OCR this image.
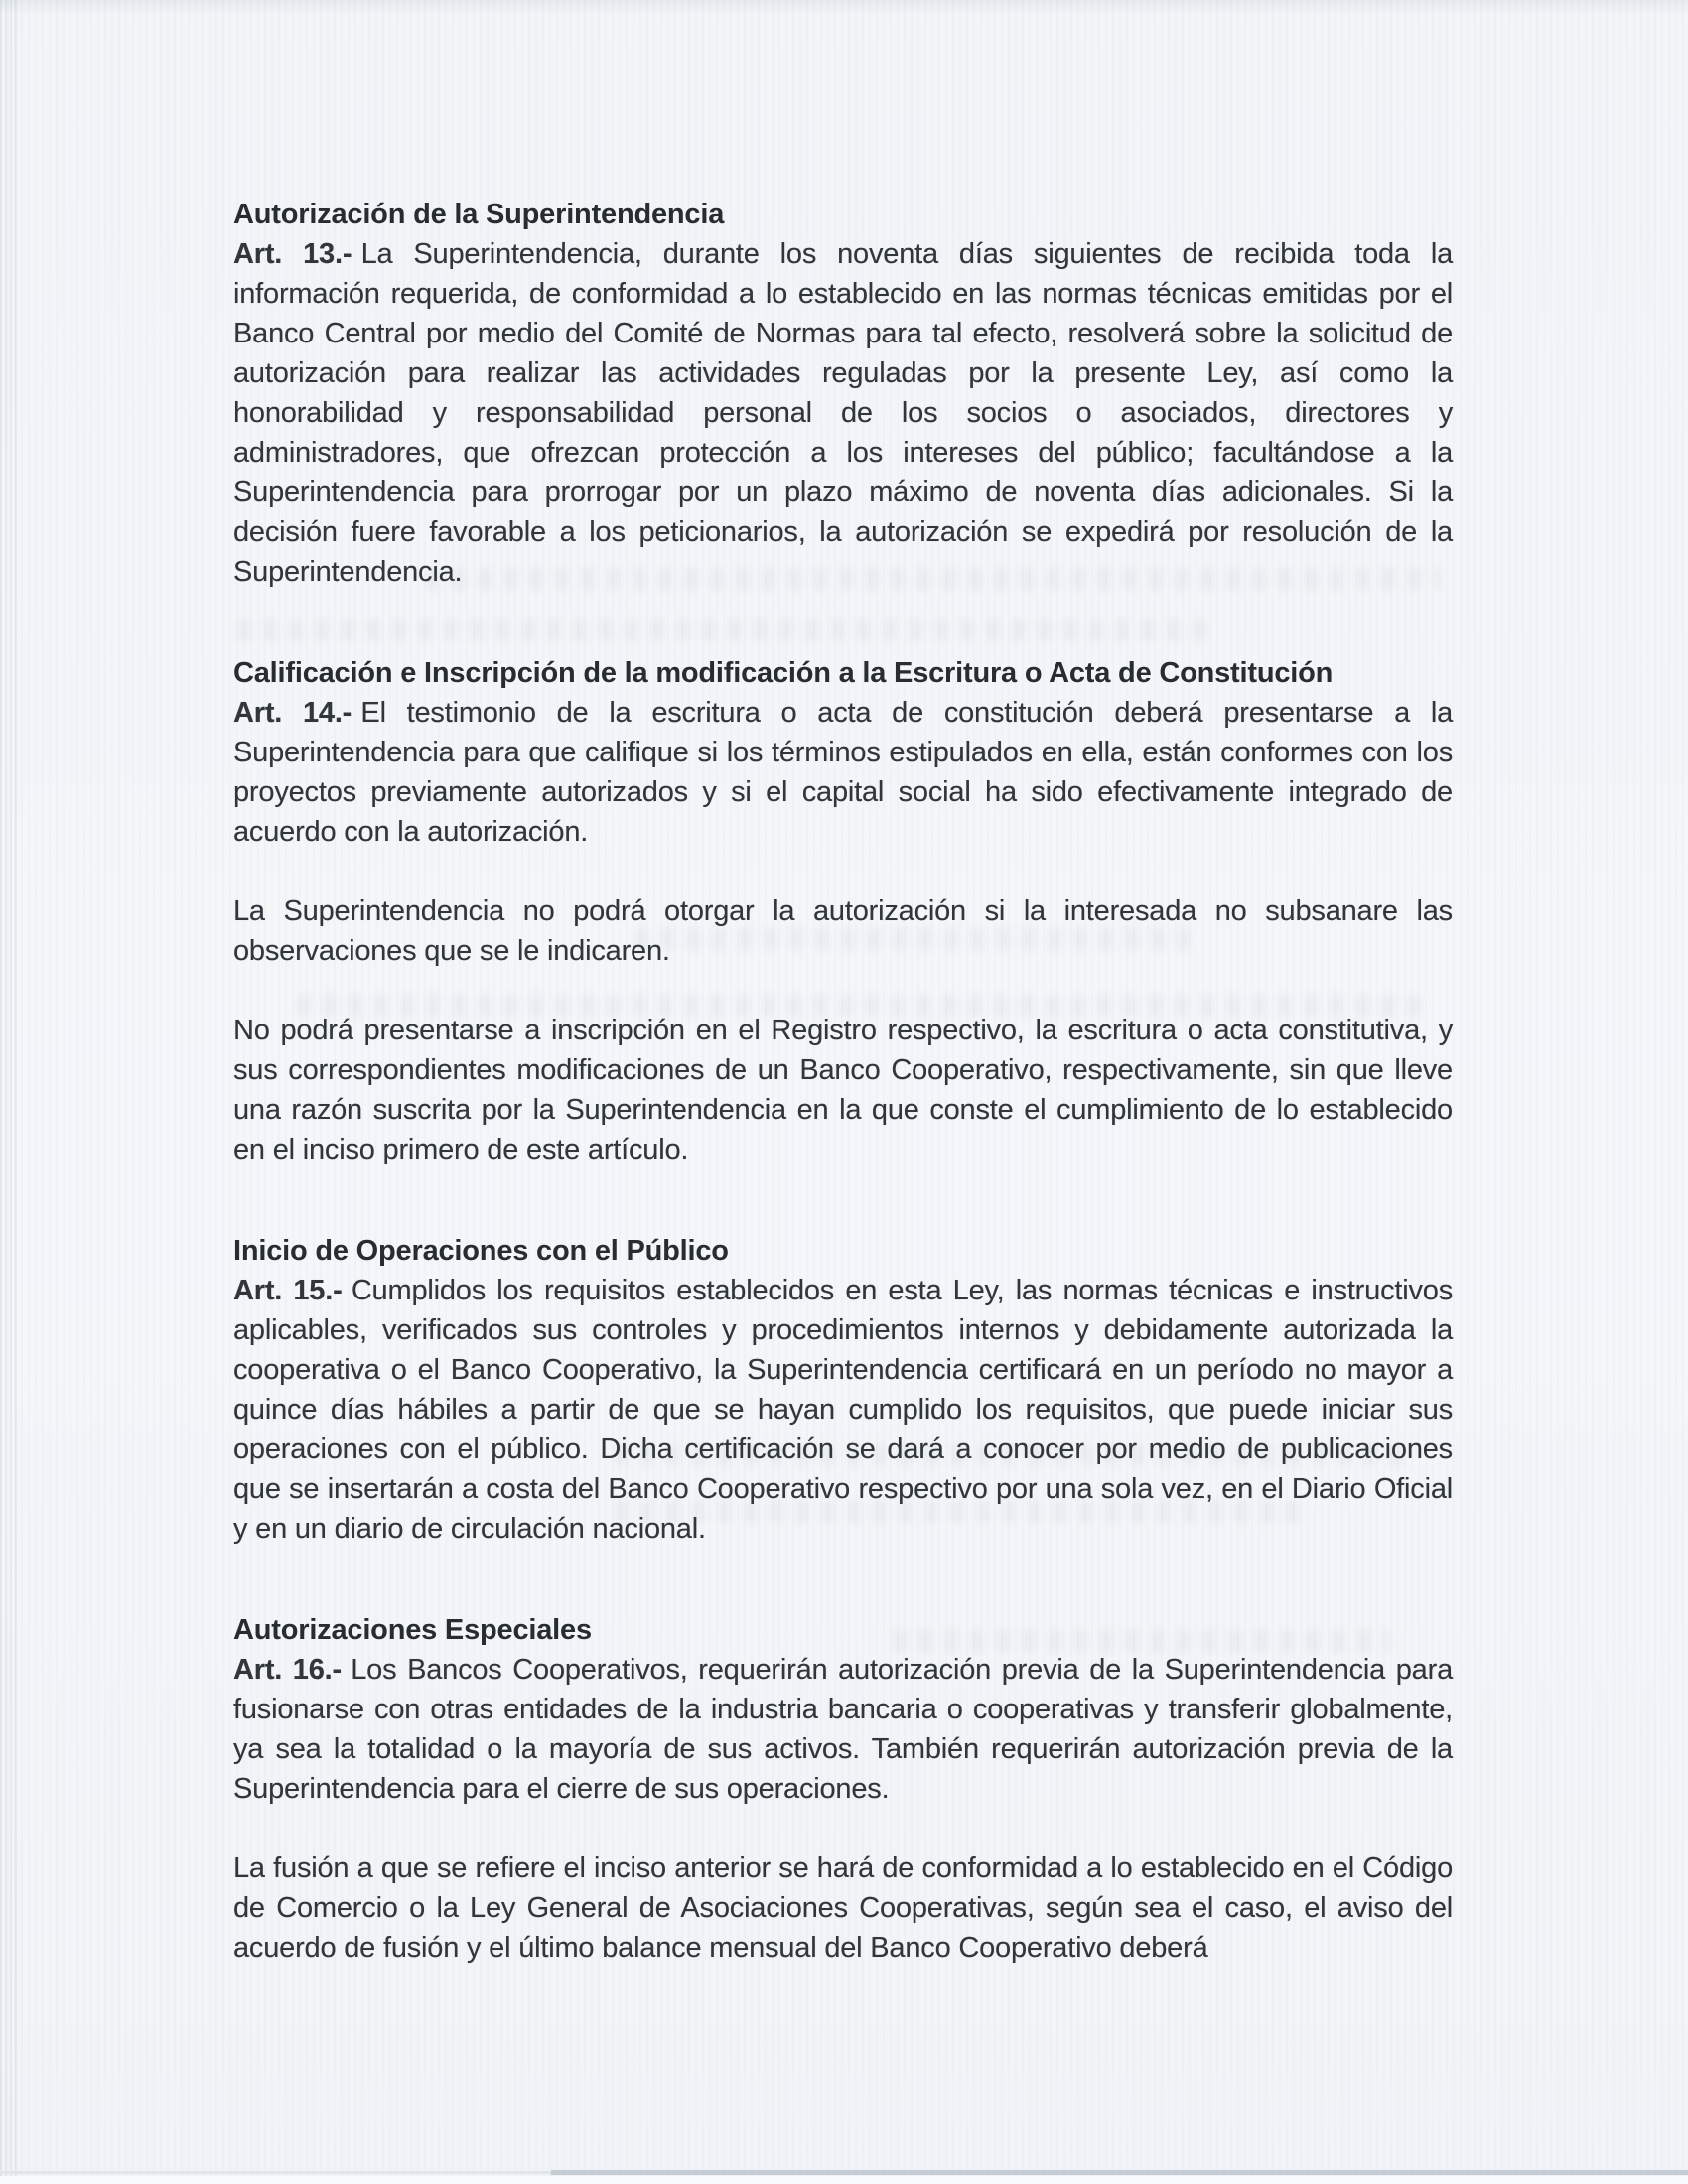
Autorización de la Superintendencia

Art. 13.- La Superintendencia, durante los noventa días siguientes de recibida toda la información requerida, de conformidad a lo establecido en las normas técnicas emitidas por el Banco Central por medio del Comité de Normas para tal efecto, resolverá sobre la solicitud de autorización para realizar las actividades reguladas por la presente Ley, así como la honorabilidad y responsabilidad personal de los socios o asociados, directores y administradores, que ofrezcan protección a los intereses del público; facultándose a la Superintendencia para prorrogar por un plazo máximo de noventa días adicionales. Si la decisión fuere favorable a los peticionarios, la autorización se expedirá por resolución de la Superintendencia.

Calificación e Inscripción de la modificación a la Escritura o Acta de Constitución

Art. 14.- El testimonio de la escritura o acta de constitución deberá presentarse a la Superintendencia para que califique si los términos estipulados en ella, están conformes con los proyectos previamente autorizados y si el capital social ha sido efectivamente integrado de acuerdo con la autorización.

La Superintendencia no podrá otorgar la autorización si la interesada no subsanare las observaciones que se le indicaren.

No podrá presentarse a inscripción en el Registro respectivo, la escritura o acta constitutiva, y sus correspondientes modificaciones de un Banco Cooperativo, respectivamente, sin que lleve una razón suscrita por la Superintendencia en la que conste el cumplimiento de lo establecido en el inciso primero de este artículo.

Inicio de Operaciones con el Público

Art. 15.- Cumplidos los requisitos establecidos en esta Ley, las normas técnicas e instructivos aplicables, verificados sus controles y procedimientos internos y debidamente autorizada la cooperativa o el Banco Cooperativo, la Superintendencia certificará en un período no mayor a quince días hábiles a partir de que se hayan cumplido los requisitos, que puede iniciar sus operaciones con el público. Dicha certificación se dará a conocer por medio de publicaciones que se insertarán a costa del Banco Cooperativo respectivo por una sola vez, en el Diario Oficial y en un diario de circulación nacional.

Autorizaciones Especiales

Art. 16.- Los Bancos Cooperativos, requerirán autorización previa de la Superintendencia para fusionarse con otras entidades de la industria bancaria o cooperativas y transferir globalmente, ya sea la totalidad o la mayoría de sus activos. También requerirán autorización previa de la Superintendencia para el cierre de sus operaciones.

La fusión a que se refiere el inciso anterior se hará de conformidad a lo establecido en el Código de Comercio o la Ley General de Asociaciones Cooperativas, según sea el caso, el aviso del acuerdo de fusión y el último balance mensual del Banco Cooperativo deberá
